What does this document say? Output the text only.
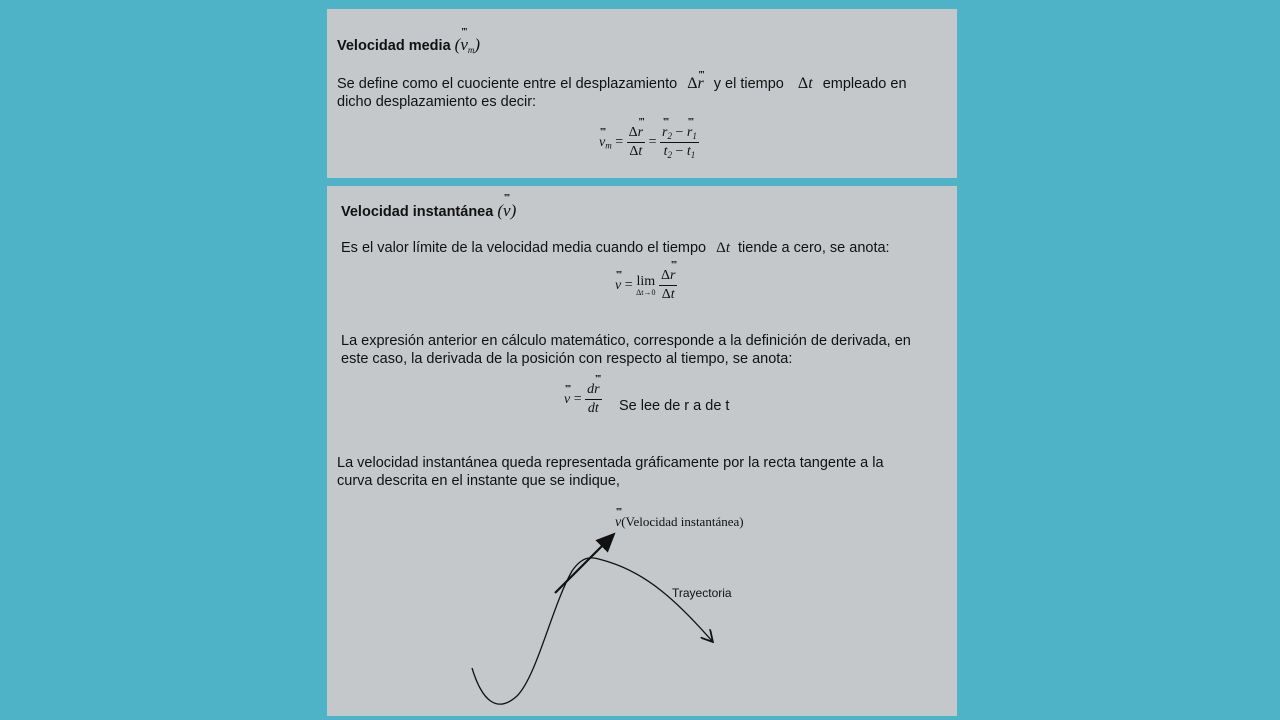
Velocidad media (‴ $v_m$)
Se define como el cuociente entre el desplazamiento Δ‴ r y el tiempo Δt empleado en
dicho desplazamiento es decir:
‴ $v_m = \frac{\Delta‴ r}{\Delta t}$ =
‴ $\frac{r_2 - ‴ r_1}{t_2 - t_1}$
Velocidad instantánea (‴ v)
Es el valor límite de la velocidad media cuando el tiempo Δt tiende a cero, se anota:
‴ v = lim
Δt→0
$\frac{\Delta‴ r}{\Delta t}$
La expresión anterior en cálculo matemático, corresponde a la definición de derivada, en
este caso, la derivada de la posición con respecto al tiempo, se anota:
‴ $v = \frac{d‴ r}{dt}$ Se lee de r a de t
La velocidad instantánea queda representada gráficamente por la recta tangente a la
curva descrita en el instante que se indique,
‴ v(Velocidad instantánea)
Trayectoria
